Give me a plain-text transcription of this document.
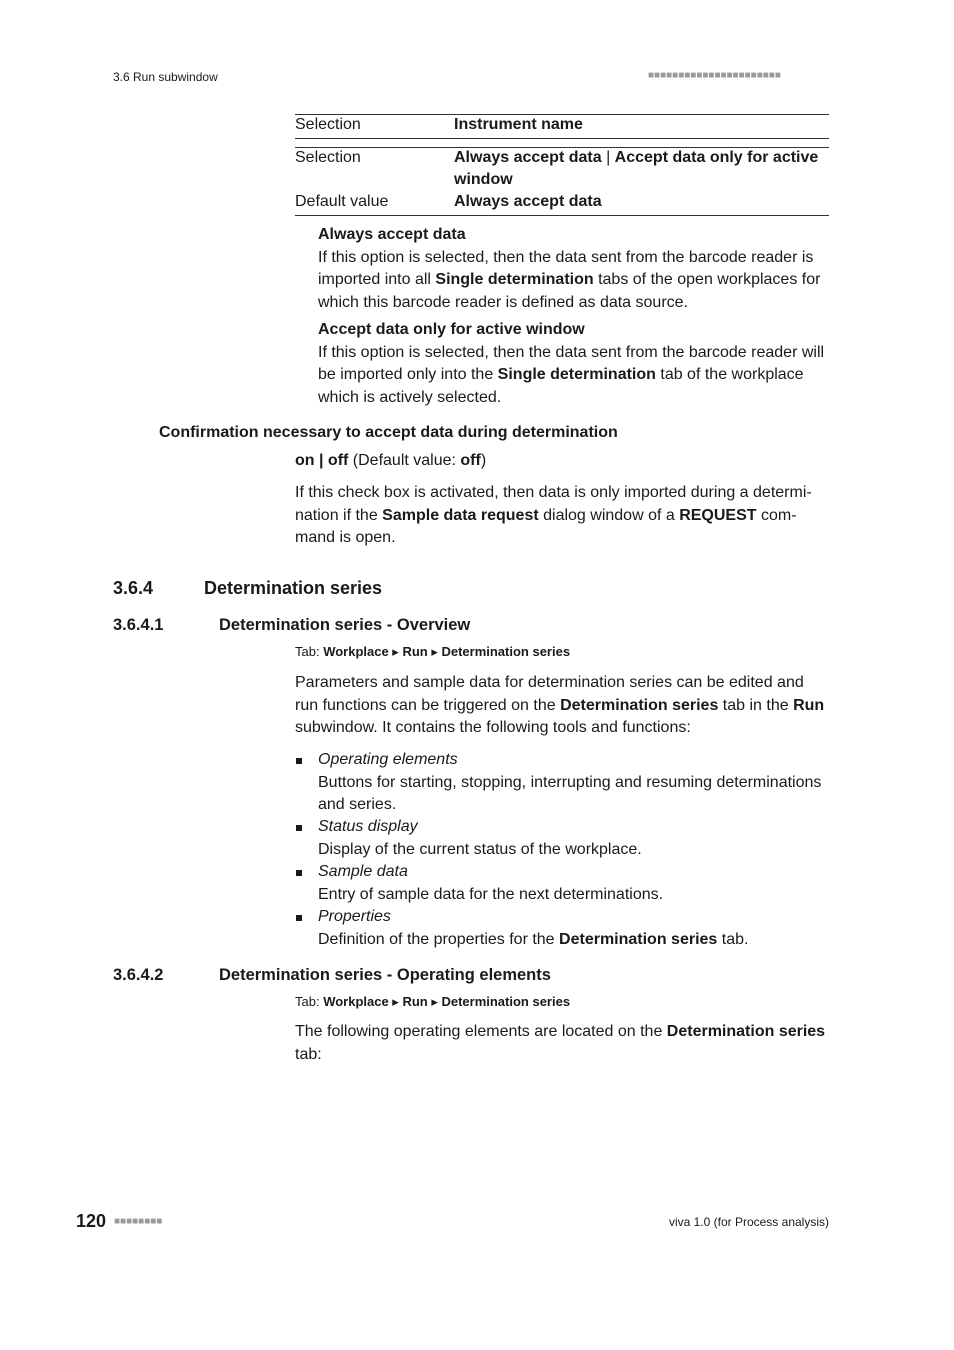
3.6 Run subwindow	■■■■■■■■■■■■■■■■■■■■■■
Selection	Instrument name
Selection	Always accept data | Accept data only for active window
Default value	Always accept data
Always accept data
If this option is selected, then the data sent from the barcode reader is imported into all Single determination tabs of the open workplaces for which this barcode reader is defined as data source.
Accept data only for active window
If this option is selected, then the data sent from the barcode reader will be imported only into the Single determination tab of the workplace which is actively selected.
Confirmation necessary to accept data during determination
on | off (Default value: off)
If this check box is activated, then data is only imported during a determination if the Sample data request dialog window of a REQUEST command is open.
3.6.4	Determination series
3.6.4.1	Determination series - Overview
Tab: Workplace ▸ Run ▸ Determination series
Parameters and sample data for determination series can be edited and run functions can be triggered on the Determination series tab in the Run subwindow. It contains the following tools and functions:
Operating elements
Buttons for starting, stopping, interrupting and resuming determinations and series.
Status display
Display of the current status of the workplace.
Sample data
Entry of sample data for the next determinations.
Properties
Definition of the properties for the Determination series tab.
3.6.4.2	Determination series - Operating elements
Tab: Workplace ▸ Run ▸ Determination series
The following operating elements are located on the Determination series tab:
120 ■■■■■■■■	viva 1.0 (for Process analysis)
